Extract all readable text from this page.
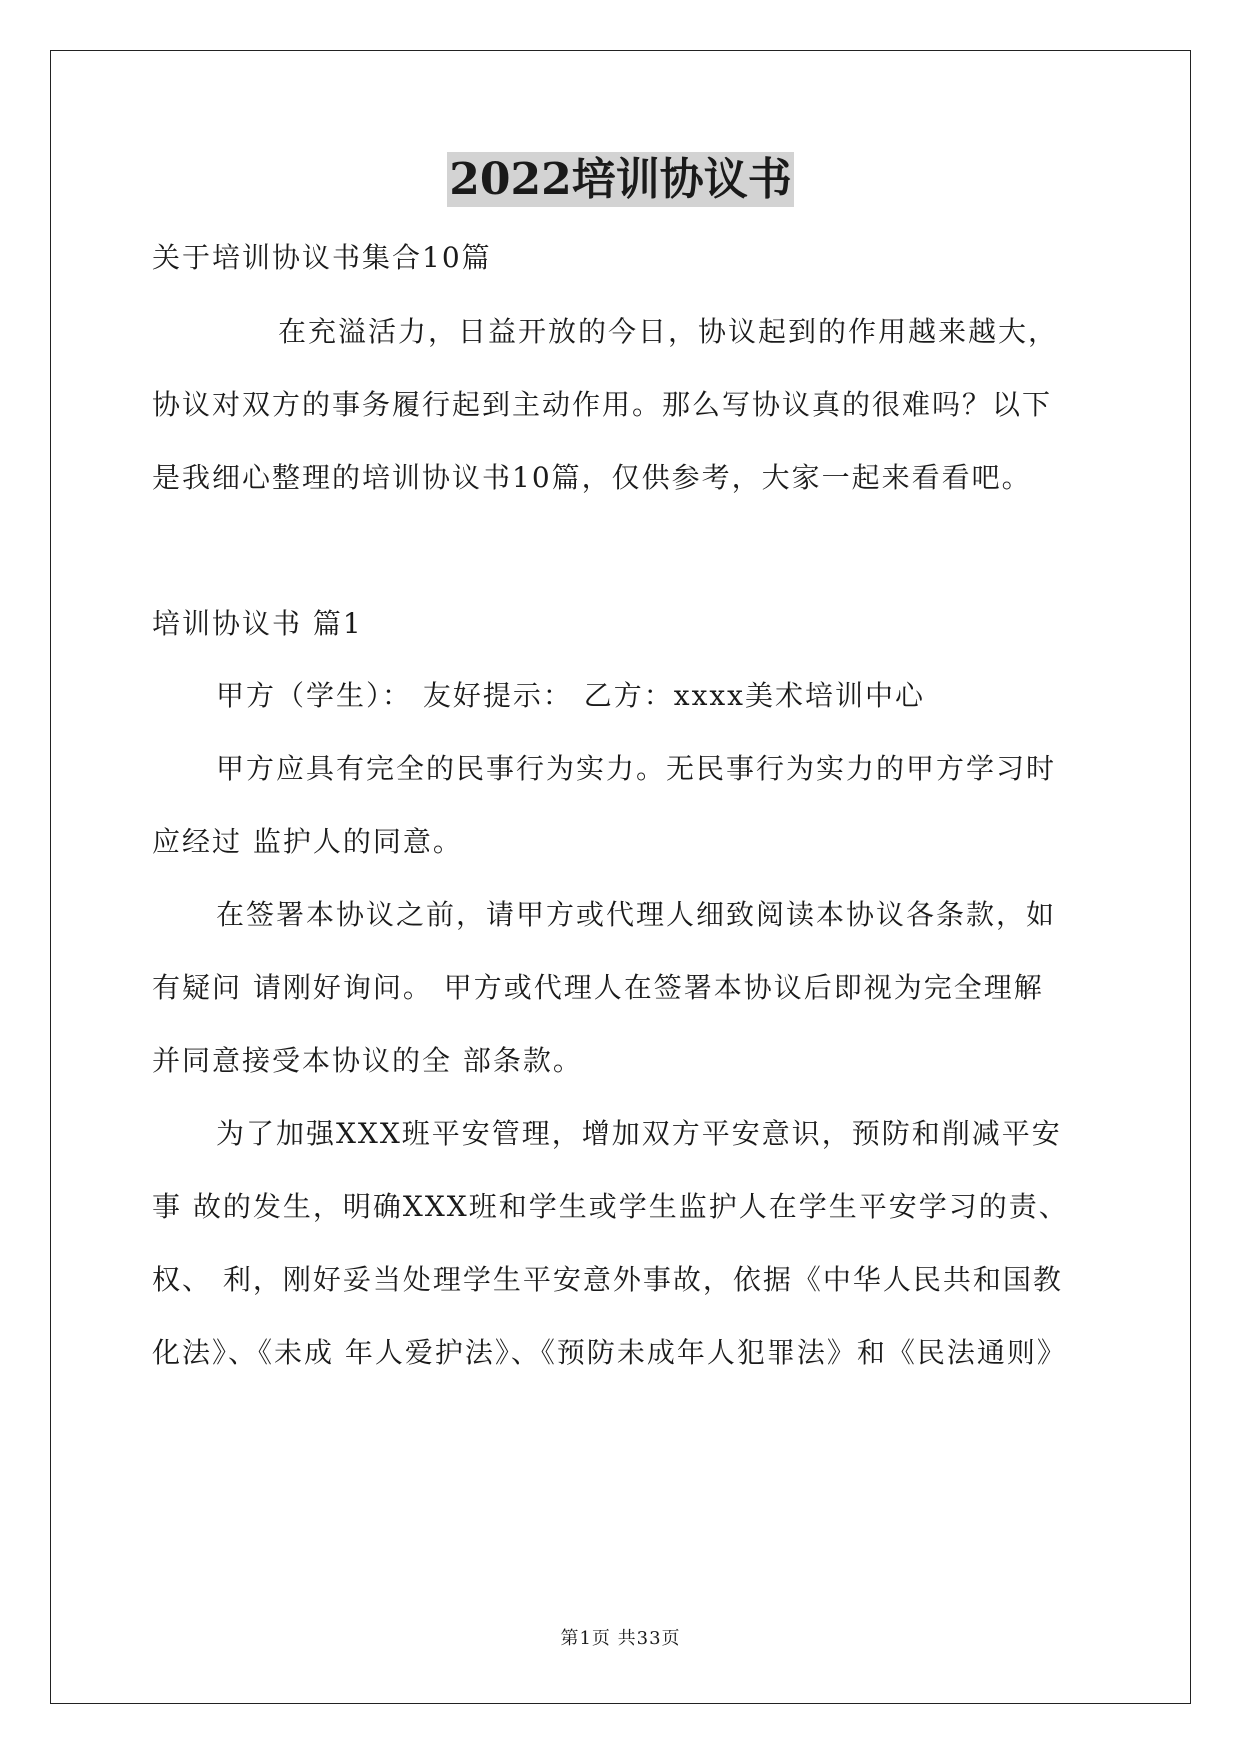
2022培训协议书

关于培训协议书集合10篇

在充溢活力，日益开放的今日，协议起到的作用越来越大，

协议对双方的事务履行起到主动作用。那么写协议真的很难吗？以下

是我细心整理的培训协议书10篇，仅供参考，大家一起来看看吧。

培训协议书 篇1

甲方（学生）： 友好提示： 乙方：xxxx美术培训中心

甲方应具有完全的民事行为实力。无民事行为实力的甲方学习时

应经过 监护人的同意。

在签署本协议之前，请甲方或代理人细致阅读本协议各条款，如

有疑问 请刚好询问。 甲方或代理人在签署本协议后即视为完全理解

并同意接受本协议的全 部条款。

为了加强XXX班平安管理，增加双方平安意识，预防和削减平安

事 故的发生，明确XXX班和学生或学生监护人在学生平安学习的责、

权、 利，刚好妥当处理学生平安意外事故，依据《中华人民共和国教

化法》、《未成 年人爱护法》、《预防未成年人犯罪法》和《民法通则》

第1页 共33页
